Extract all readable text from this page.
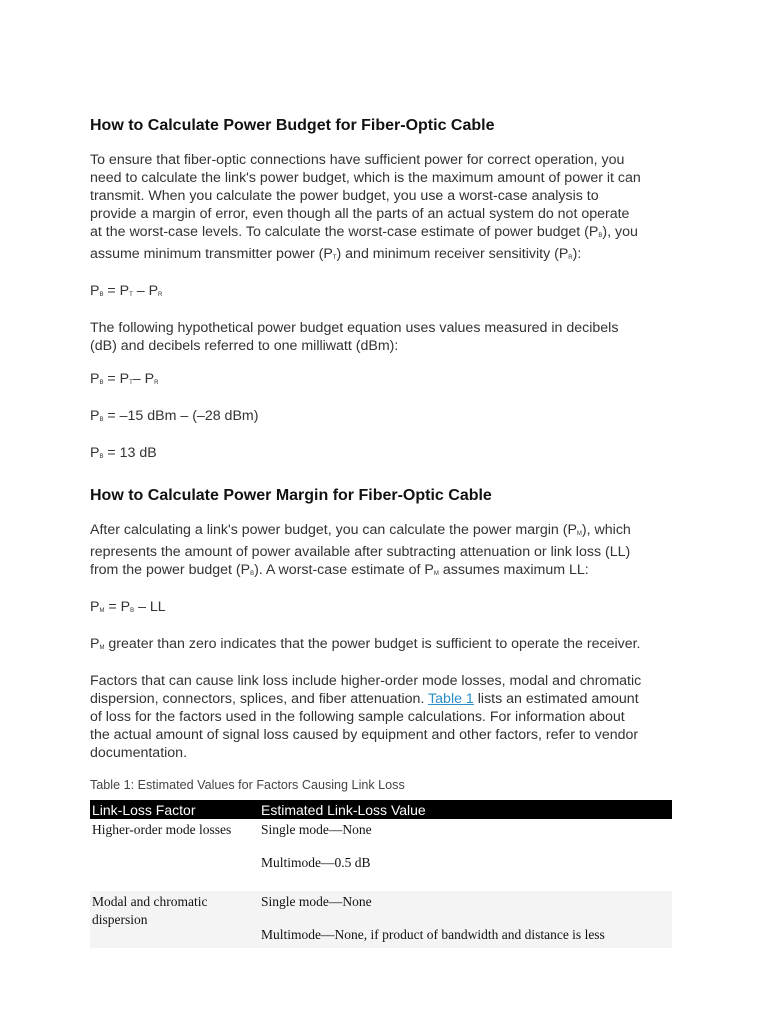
How to Calculate Power Budget for Fiber-Optic Cable

To ensure that fiber-optic connections have sufficient power for correct operation, you
need to calculate the link's power budget, which is the maximum amount of power it can
transmit. When you calculate the power budget, you use a worst-case analysis to
provide a margin of error, even though all the parts of an actual system do not operate
at the worst-case levels. To calculate the worst-case estimate of power budget $(P_B)$, you
assume minimum transmitter power $(P_T)$ and minimum receiver sensitivity $(P_R)$:

$P_B = P_T - P_R$

The following hypothetical power budget equation uses values measured in decibels
(dB) and decibels referred to one milliwatt (dBm):

$P_B = P_T-$ $P_R$

$P_B = -15$ dBm – (–28 dBm)

$P_B = 13$ dB

How to Calculate Power Margin for Fiber-Optic Cable

After calculating a link's power budget, you can calculate the power margin $(P_M)$, which
represents the amount of power available after subtracting attenuation or link loss (LL)
from the power budget $(P_B)$. A worst-case estimate of $P_M$ assumes maximum LL:

$P_M = P_B$ – LL

$P_M$ greater than zero indicates that the power budget is sufficient to operate the receiver.

Factors that can cause link loss include higher-order mode losses, modal and chromatic
dispersion, connectors, splices, and fiber attenuation. Table 1 lists an estimated amount
of loss for the factors used in the following sample calculations. For information about
the actual amount of signal loss caused by equipment and other factors, refer to vendor
documentation.

Table 1: Estimated Values for Factors Causing Link Loss
Link-Loss Factor	Estimated Link-Loss Value
Higher-order mode losses	Single mode—None
Multimode—0.5 dB

Modal and chromatic dispersion	Single mode—None
Multimode—None, if product of bandwidth and distance is less
